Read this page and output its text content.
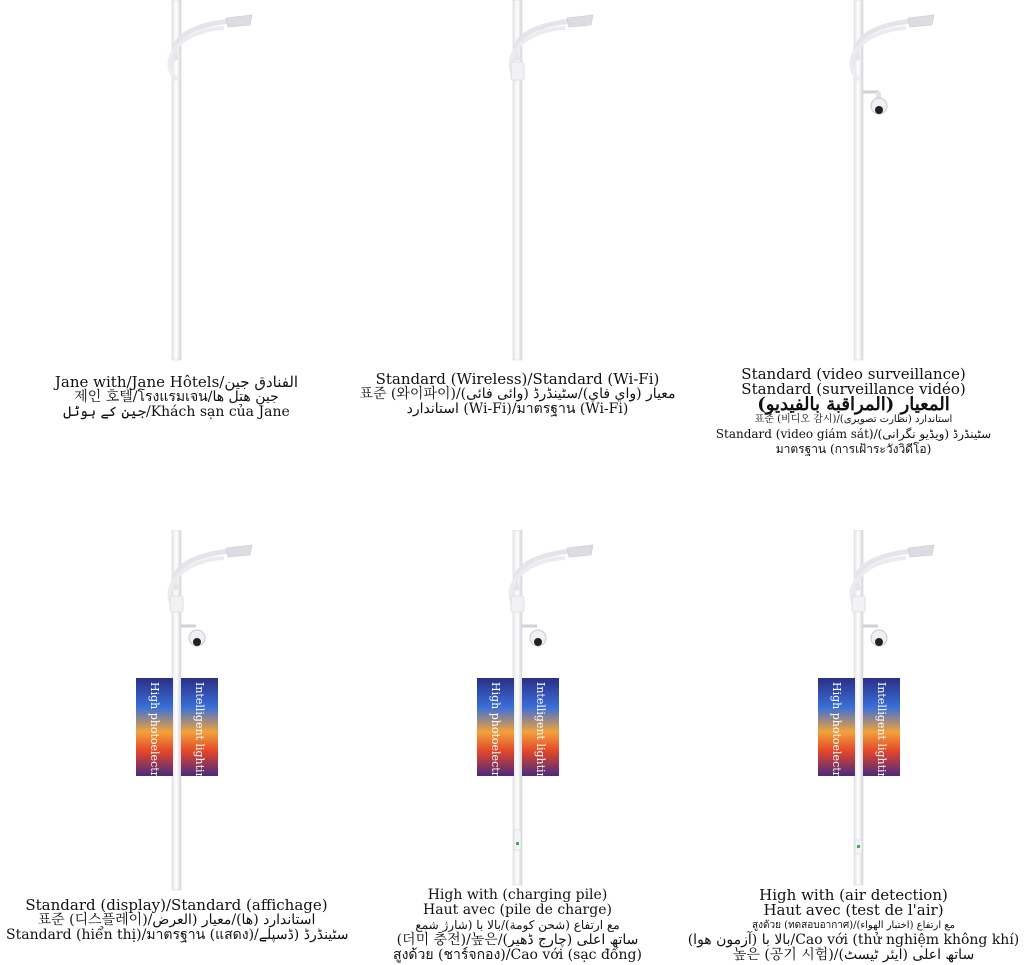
Jane with/Jane Hôtels/الفنادق جين
제인 호텔/โรงแรมเจน/جين هتل ها
جین کے ہوٹل/Khách sạn của Jane
Standard (Wireless)/Standard (Wi-Fi)
표준 (와이파이)/معيار (واي فاي)/سٹینڈرڈ (وائی فائی)
استاندارد (Wi-Fi)/มาตรฐาน (Wi-Fi)
Standard (video surveillance)
Standard (surveillance vidéo)
المعيار (المراقبة بالفيديو)
표준 (비디오 감시)/استاندارد (نظارت تصویری)
Standard (video giám sát)/سٹینڈرڈ (ویڈیو نگرانی)
มาตรฐาน (การเฝ้าระวังวิดีโอ)
High photoelectric	Intelligent lighting
Standard (display)/Standard (affichage)
표준 (디스플레이)/استاندارد (ها)/معيار (العرض
Standard (hiển thị)/มาตรฐาน (แสดง)/سٹینڈرڈ (ڈسپلے
High photoelectric	Intelligent lighting
High with (charging pile)
Haut avec (pile de charge)
مع ارتفاع (شحن كومة)/بالا با (شارژ شمع
(더미 충전)/높은/ساتھ اعلی (چارج ڈھیر)
สูงด้วย (ชาร์จกอง)/Cao với (sạc đống)
High photoelectric	Intelligent lighting
High with (air detection)
Haut avec (test de l'air)
สูงด้วย (ทดสอบอากาศ)/مع ارتفاع (اختبار الهواء)
بالا با (آزمون هوا)/Cao với (thử nghiệm không khí)
높은 (공기 시험)/ساتھ اعلی (ایئر ٹیسٹ)
